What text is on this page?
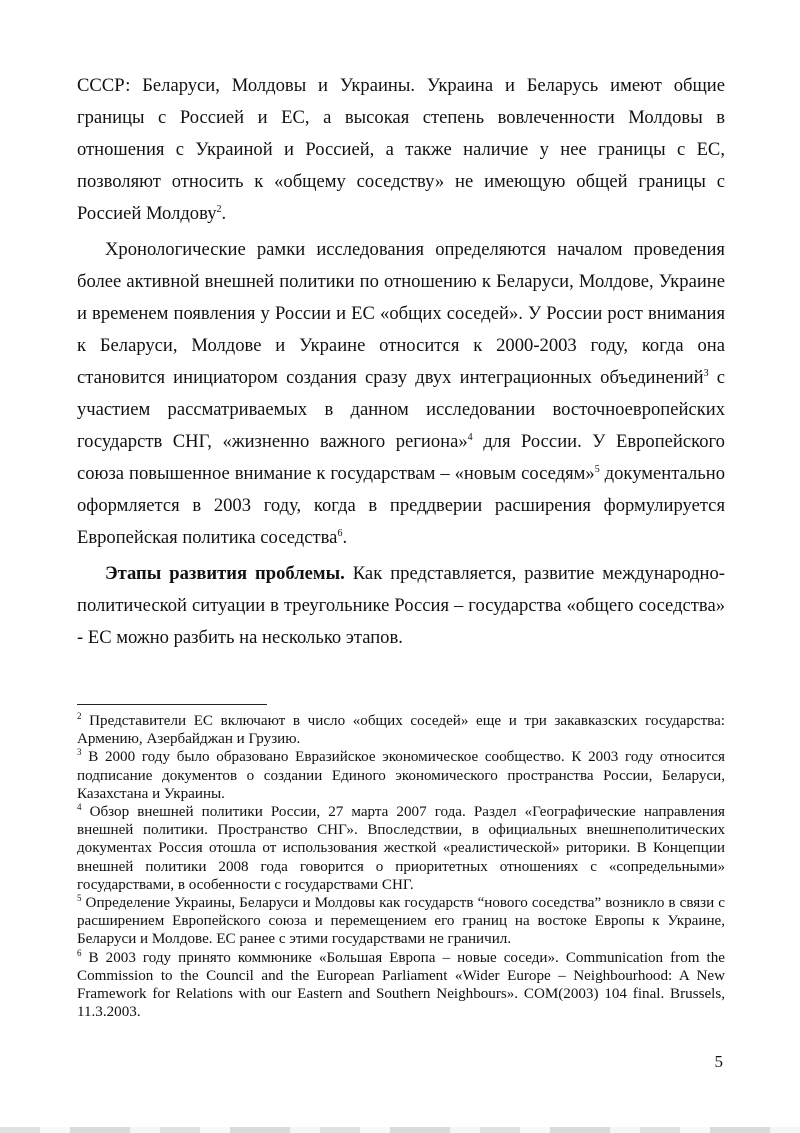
СССР: Беларуси, Молдовы и Украины. Украина и Беларусь имеют общие границы с Россией и ЕС, а высокая степень вовлеченности Молдовы в отношения с Украиной и Россией, а также наличие у нее границы с ЕС, позволяют относить к «общему соседству» не имеющую общей границы с Россией Молдову$^2$.

Хронологические рамки исследования определяются началом проведения более активной внешней политики по отношению к Беларуси, Молдове, Украине и временем появления у России и ЕС «общих соседей». У России рост внимания к Беларуси, Молдове и Украине относится к 2000-2003 году, когда она становится инициатором создания сразу двух интеграционных объединений$^3$ с участием рассматриваемых в данном исследовании восточноевропейских государств СНГ, «жизненно важного региона»$^4$ для России. У Европейского союза повышенное внимание к государствам – «новым соседям»$^5$ документально оформляется в 2003 году, когда в преддверии расширения формулируется Европейская политика соседства$^6$.

Этапы развития проблемы. Как представляется, развитие международно-политической ситуации в треугольнике Россия – государства «общего соседства» - ЕС можно разбить на несколько этапов.

$^2$ Представители ЕС включают в число «общих соседей» еще и три закавказских государства: Армению, Азербайджан и Грузию.

$^3$ В 2000 году было образовано Евразийское экономическое сообщество. К 2003 году относится подписание документов о создании Единого экономического пространства России, Беларуси, Казахстана и Украины.

$^4$ Обзор внешней политики России, 27 марта 2007 года. Раздел «Географические направления внешней политики. Пространство СНГ». Впоследствии, в официальных внешнеполитических документах Россия отошла от использования жесткой «реалистической» риторики. В Концепции внешней политики 2008 года говорится о приоритетных отношениях с «сопредельными» государствами, в особенности с государствами СНГ.

$^5$ Определение Украины, Беларуси и Молдовы как государств “нового соседства” возникло в связи с расширением Европейского союза и перемещением его границ на востоке Европы к Украине, Беларуси и Молдове. ЕС ранее с этими государствами не граничил.

$^6$ В 2003 году принято коммюнике «Большая Европа – новые соседи». Communication from the Commission to the Council and the European Parliament «Wider Europe – Neighbourhood: A New Framework for Relations with our Eastern and Southern Neighbours». COM(2003) 104 final. Brussels, 11.3.2003.

5
